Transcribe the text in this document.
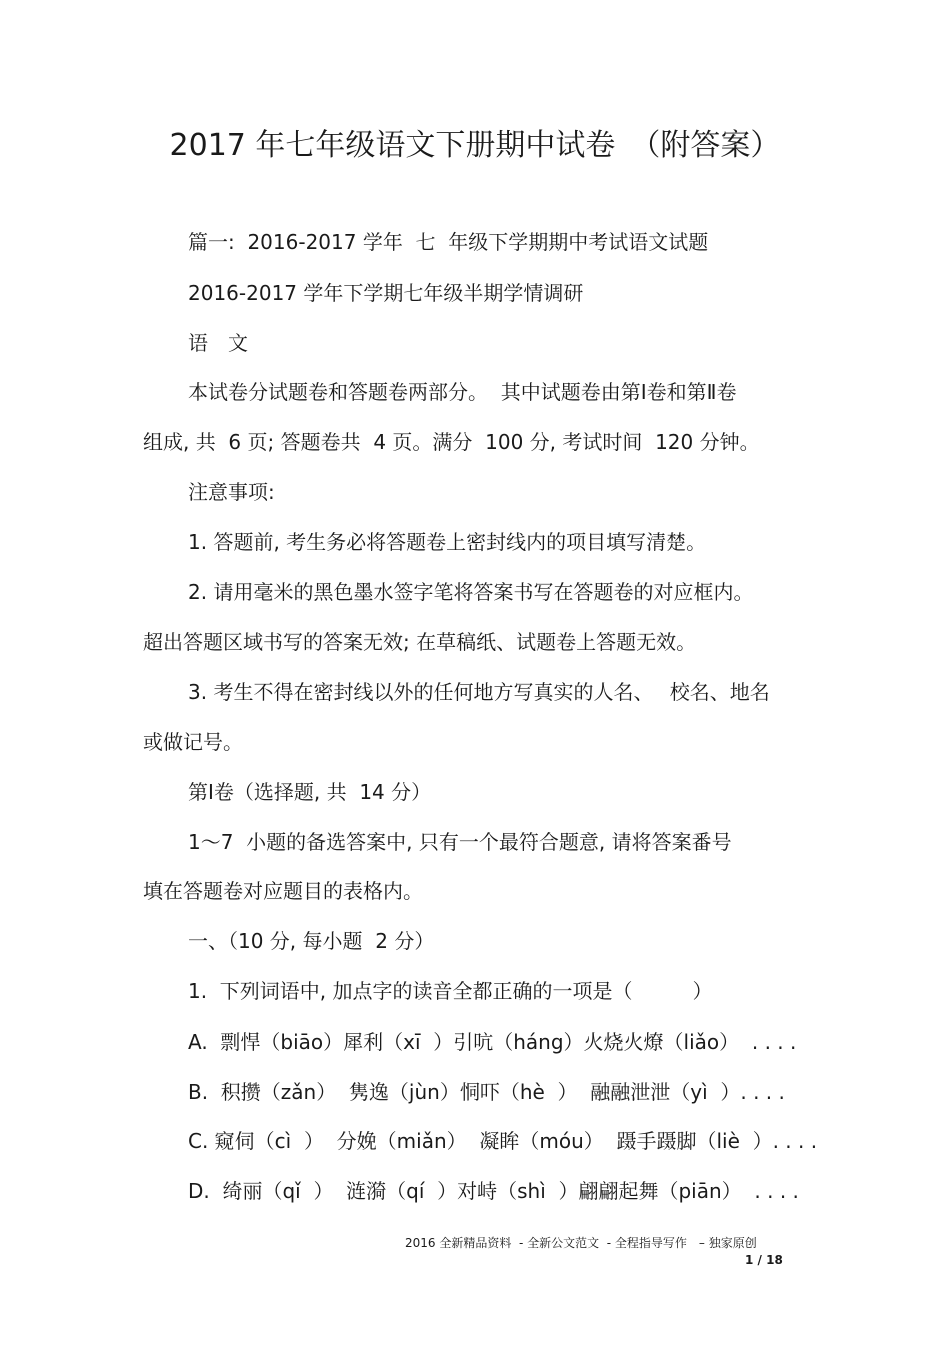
2017 年七年级语文下册期中试卷　（附答案）
篇一:  2016-2017 学年  七  年级下学期期中考试语文试题
2016-2017 学年下学期七年级半期学情调研
语　文
本试卷分试题卷和答题卷两部分。  其中试题卷由第Ⅰ卷和第Ⅱ卷
组成, 共  6 页; 答题卷共  4 页。满分  100 分, 考试时间  120 分钟。
注意事项:
1. 答题前, 考生务必将答题卷上密封线内的项目填写清楚。
2. 请用毫米的黑色墨水签字笔将答案书写在答题卷的对应框内。
超出答题区域书写的答案无效; 在草稿纸、试题卷上答题无效。
3. 考生不得在密封线以外的任何地方写真实的人名、　 校名、地名
或做记号。
第Ⅰ卷（选择题, 共  14 分）
1～7  小题的备选答案中, 只有一个最符合题意, 请将答案番号
填在答题卷对应题目的表格内。
一、（10 分, 每小题  2 分）
1.  下列词语中, 加点字的读音全都正确的一项是（　　　）
A.  剽悍（biāo）犀利（xī  ）引吭（háng）火烧火燎（liǎo）  . . . .
B.  积攒（zǎn）  隽逸（jùn）恫吓（hè  ）  融融泄泄（yì  ）. . . .
C. 窥伺（cì  ）  分娩（miǎn）  凝眸（móu）  蹑手蹑脚（liè  ）. . . .
D.  绮丽（qǐ  ）  涟漪（qí  ）对峙（shì  ）翩翩起舞（piān）  . . . .
2016 全新精品资料  - 全新公文范文  - 全程指导写作　– 独家原创
1 / 18
